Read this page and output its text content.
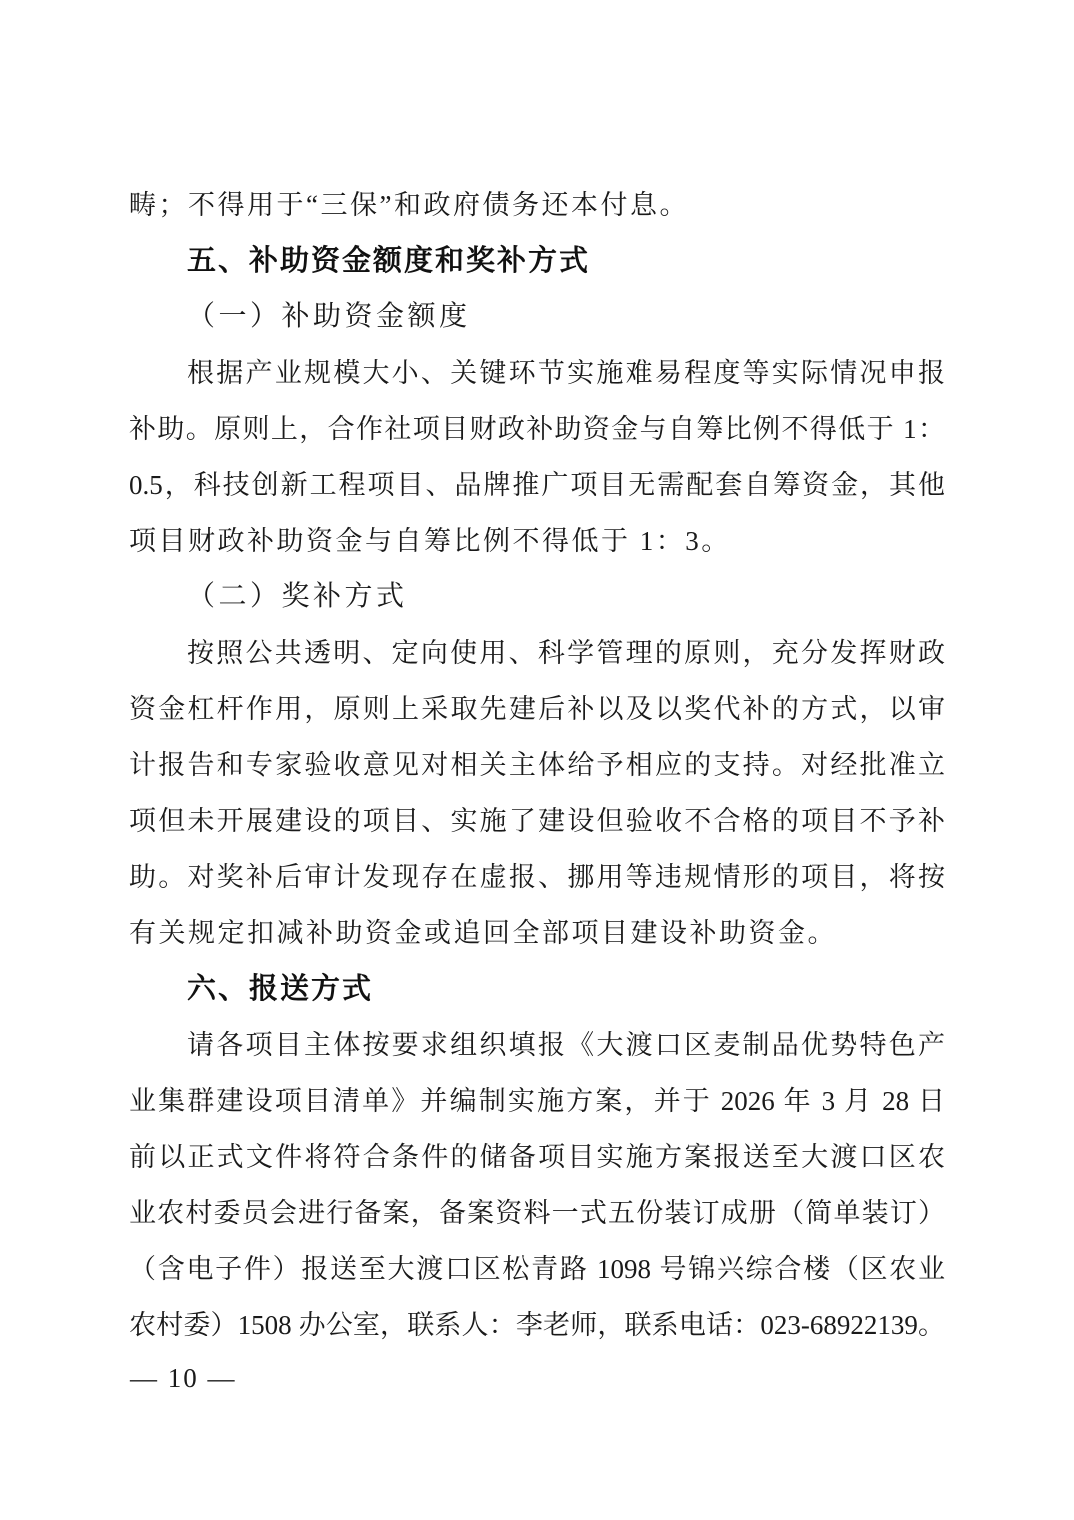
畴；不得用于“三保”和政府债务还本付息。
五、补助资金额度和奖补方式
（一）补助资金额度
根据产业规模大小、关键环节实施难易程度等实际情况申报
补助。原则上，合作社项目财政补助资金与自筹比例不得低于 1：
0.5，科技创新工程项目、品牌推广项目无需配套自筹资金，其他
项目财政补助资金与自筹比例不得低于 1：3。
（二）奖补方式
按照公共透明、定向使用、科学管理的原则，充分发挥财政
资金杠杆作用，原则上采取先建后补以及以奖代补的方式，以审
计报告和专家验收意见对相关主体给予相应的支持。对经批准立
项但未开展建设的项目、实施了建设但验收不合格的项目不予补
助。对奖补后审计发现存在虚报、挪用等违规情形的项目，将按
有关规定扣减补助资金或追回全部项目建设补助资金。
六、报送方式
请各项目主体按要求组织填报《大渡口区麦制品优势特色产
业集群建设项目清单》并编制实施方案，并于 2026 年 3 月 28 日
前以正式文件将符合条件的储备项目实施方案报送至大渡口区农
业农村委员会进行备案，备案资料一式五份装订成册（简单装订）
（含电子件）报送至大渡口区松青路 1098 号锦兴综合楼（区农业
农村委）1508 办公室，联系人：李老师，联系电话：023-68922139。
— 10 —
